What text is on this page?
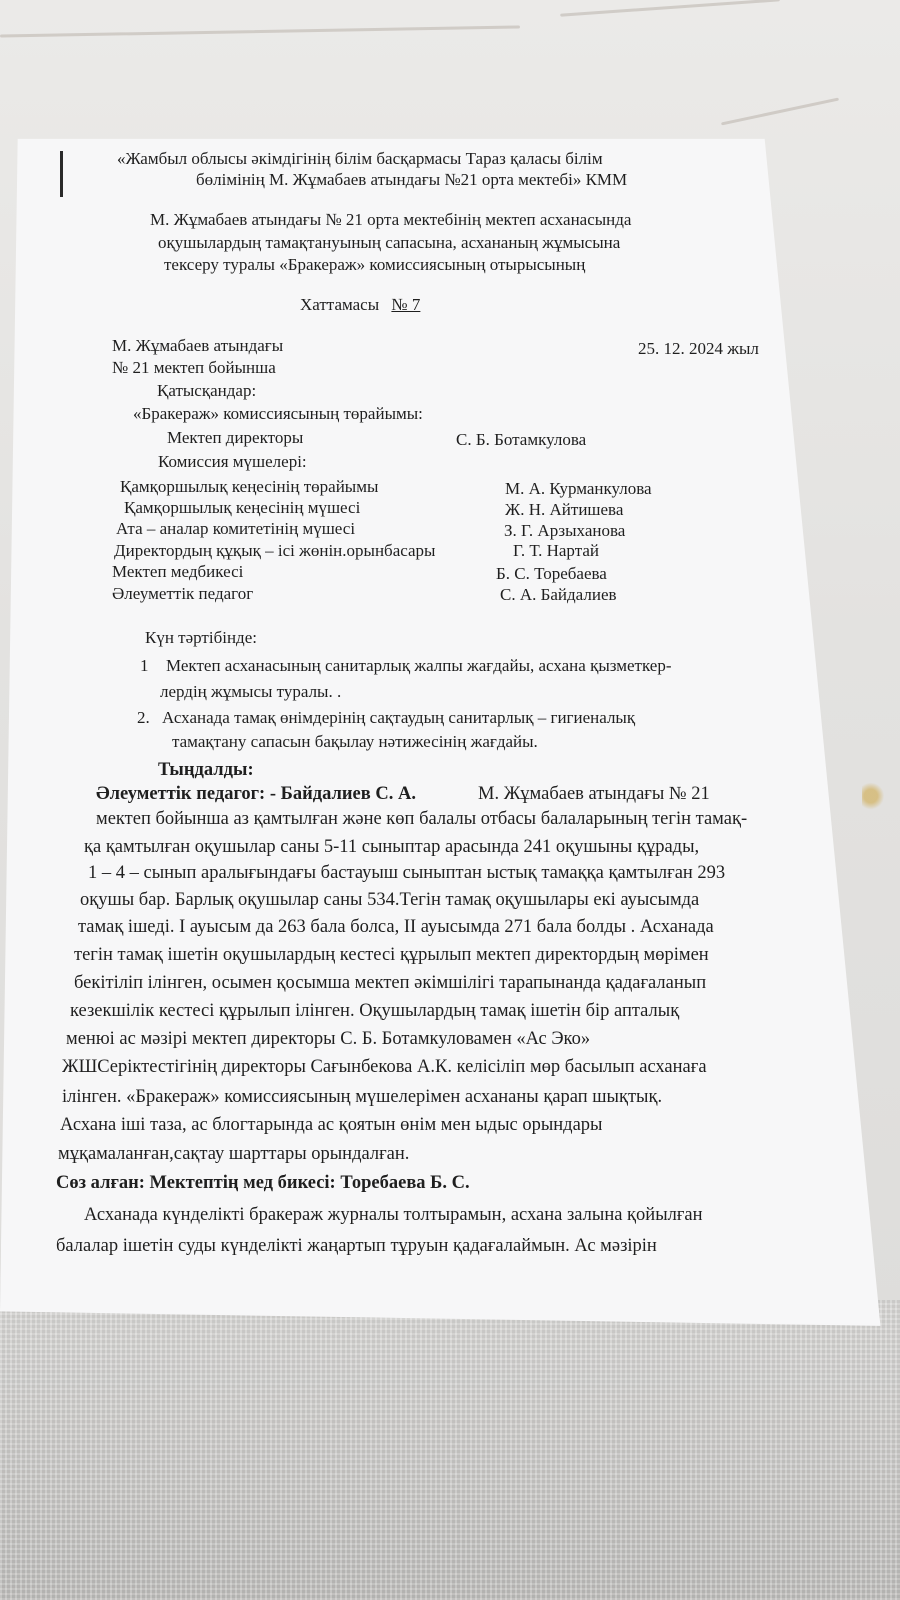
«Жамбыл облысы әкімдігінің білім басқармасы Тараз қаласы білім
бөлімінің М. Жұмабаев атындағы №21 орта мектебі» КММ
М. Жұмабаев атындағы № 21 орта мектебінің мектеп асханасында
оқушылардың тамақтануының сапасына, асхананың жұмысына
тексеру туралы «Бракераж» комиссиясының отырысының
Хаттамасы № 7
М. Жұмабаев атындағы
№ 21 мектеп бойынша
25. 12. 2024 жыл
Қатысқандар:
«Бракераж» комиссиясының төрайымы:
Мектеп директоры	С. Б. Ботамкулова
Комиссия мүшелері:
Қамқоршылық кеңесінің төрайымы	М. А. Курманкулова
Қамқоршылық кеңесінің мүшесі	Ж. Н. Айтишева
Ата – аналар комитетінің мүшесі	З. Г. Арзыханова
Директордың құқық – ісі жөнін.орынбасары	Г. Т. Нартай
Мектеп медбикесі	Б. С. Торебаева
Әлеуметтік педагог	С. А. Байдалиев
Күн тәртібінде:
1 Мектеп асханасының санитарлық жалпы жағдайы, асхана қызметкер-
лердің жұмысы туралы. .
2. Асханада тамақ өнімдерінің сақтаудың санитарлық – гигиеналық
тамақтану сапасын бақылау нәтижесінің жағдайы.
Тыңдалды:
Әлеуметтік педагог: - Байдалиев С. А.	М. Жұмабаев атындағы № 21
мектеп бойынша аз қамтылған және көп балалы отбасы балаларының тегін тамақ-
қа қамтылған оқушылар саны 5-11 сыныптар арасында 241 оқушыны құрады,
1 – 4 – сынып аралығындағы бастауыш сыныптан ыстық тамаққа қамтылған 293
оқушы бар. Барлық оқушылар саны 534.Тегін тамақ оқушылары екі ауысымда
тамақ ішеді. I ауысым да 263 бала болса, II ауысымда 271 бала болды . Асханада
тегін тамақ ішетін оқушылардың кестесі құрылып мектеп директордың мөрімен
бекітіліп ілінген, осымен қосымша мектеп әкімшілігі тарапынанда қадағаланып
кезекшілік кестесі құрылып ілінген. Оқушылардың тамақ ішетін бір апталық
менюі ас мәзірі мектеп директоры С. Б. Ботамкуловамен «Ас Эко»
ЖШСеріктестігінің директоры Сағынбекова А.К. келісіліп мөр басылып асханаға
ілінген. «Бракераж» комиссиясының мүшелерімен асхананы қарап шықтық.
Асхана іші таза, ас блогтарында ас қоятын өнім мен ыдыс орындары
мұқамаланған,сақтау шарттары орындалған.
Сөз алған: Мектептің мед бикесі: Торебаева Б. С.
Асханада күнделікті бракераж журналы толтырамын, асхана залына қойылған
балалар ішетін суды күнделікті жаңартып тұруын қадағалаймын. Ас мәзірін
